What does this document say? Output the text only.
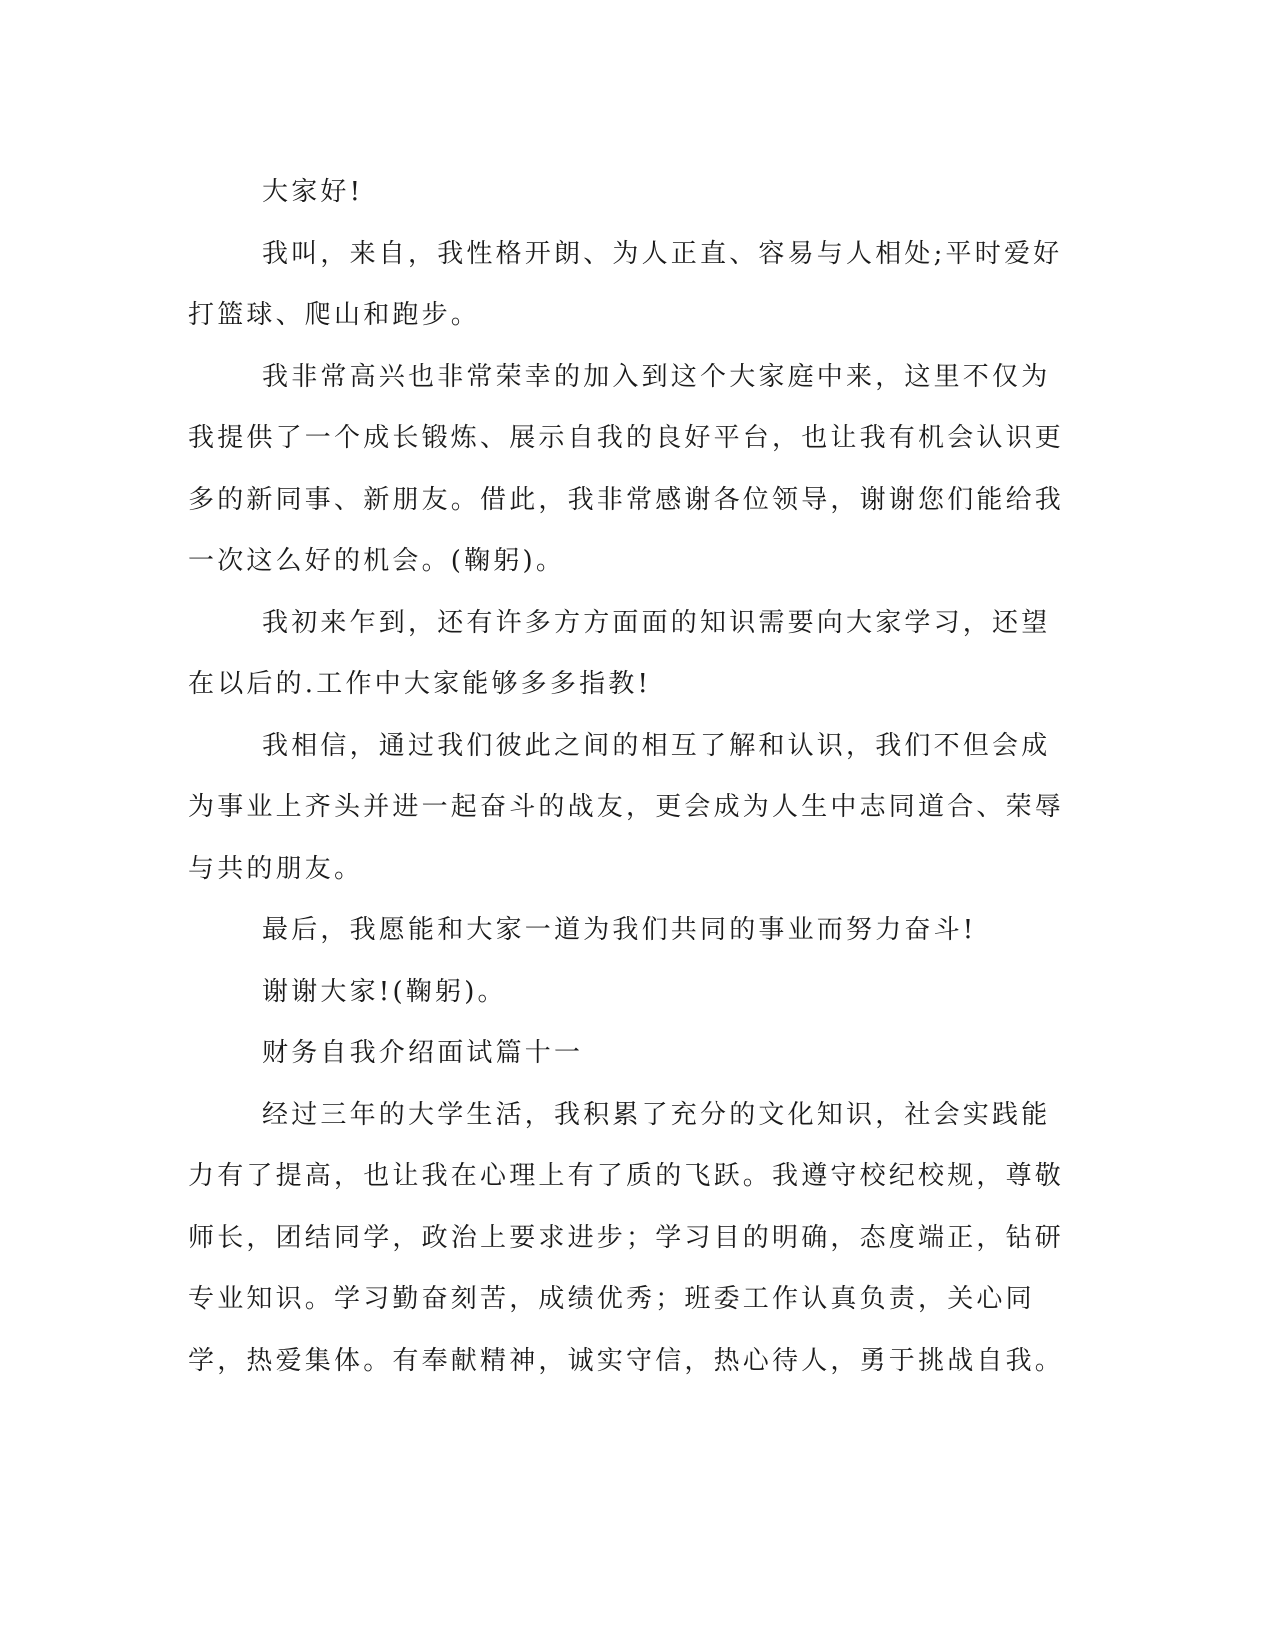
大家好!

我叫，来自，我性格开朗、为人正直、容易与人相处;平时爱好打篮球、爬山和跑步。

我非常高兴也非常荣幸的加入到这个大家庭中来，这里不仅为我提供了一个成长锻炼、展示自我的良好平台，也让我有机会认识更多的新同事、新朋友。借此，我非常感谢各位领导，谢谢您们能给我一次这么好的机会。(鞠躬)。

我初来乍到，还有许多方方面面的知识需要向大家学习，还望在以后的.工作中大家能够多多指教!

我相信，通过我们彼此之间的相互了解和认识，我们不但会成为事业上齐头并进一起奋斗的战友，更会成为人生中志同道合、荣辱与共的朋友。

最后，我愿能和大家一道为我们共同的事业而努力奋斗!

谢谢大家!(鞠躬)。

财务自我介绍面试篇十一

经过三年的大学生活，我积累了充分的文化知识，社会实践能力有了提高，也让我在心理上有了质的飞跃。我遵守校纪校规，尊敬师长，团结同学，政治上要求进步；学习目的明确，态度端正，钻研专业知识。学习勤奋刻苦，成绩优秀；班委工作认真负责，关心同学，热爱集体。有奉献精神，诚实守信，热心待人，勇于挑战自我。
